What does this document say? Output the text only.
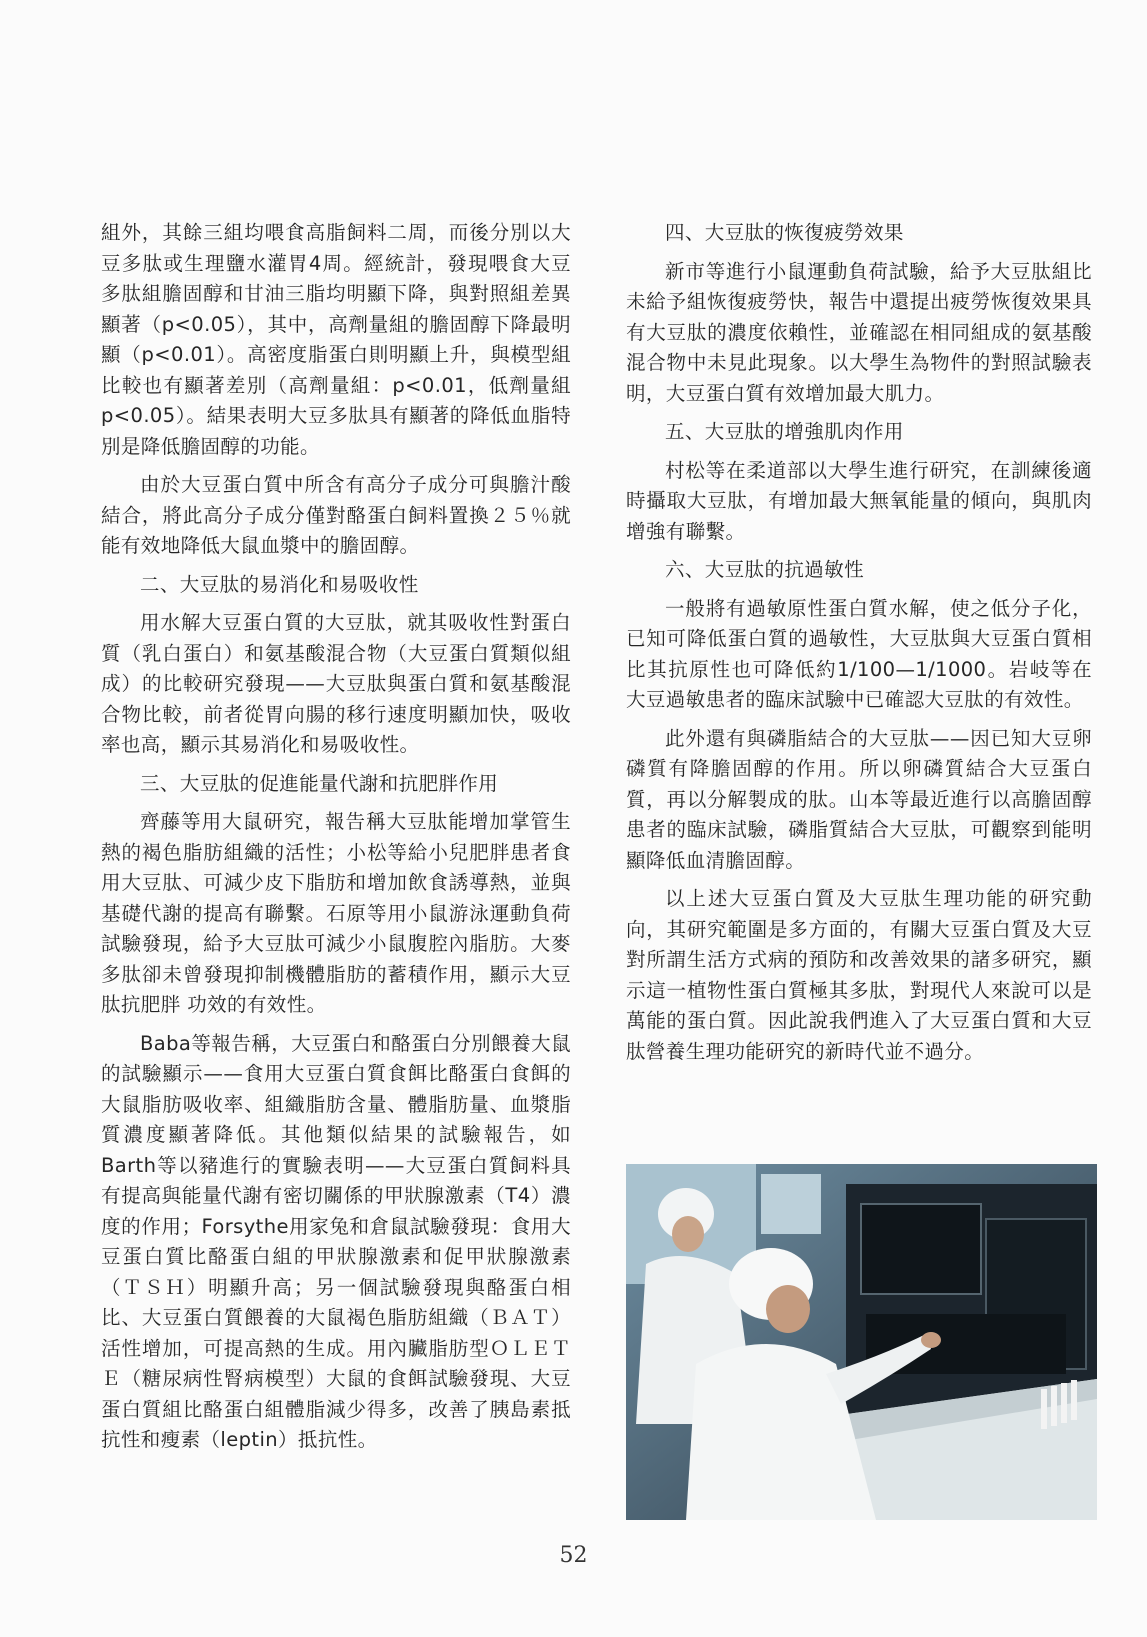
組外，其餘三組均喂食高脂飼料二周，而後分別以大豆多肽或生理鹽水灌胃4周。經統計，發現喂食大豆多肽組膽固醇和甘油三脂均明顯下降，與對照組差異顯著（p<0.05），其中，高劑量組的膽固醇下降最明顯（p<0.01）。高密度脂蛋白則明顯上升，與模型組比較也有顯著差別（高劑量組：p<0.01，低劑量組p<0.05）。結果表明大豆多肽具有顯著的降低血脂特別是降低膽固醇的功能。

由於大豆蛋白質中所含有高分子成分可與膽汁酸結合，將此高分子成分僅對酪蛋白飼料置換２５％就能有效地降低大鼠血漿中的膽固醇。

二、大豆肽的易消化和易吸收性

用水解大豆蛋白質的大豆肽，就其吸收性對蛋白質（乳白蛋白）和氨基酸混合物（大豆蛋白質類似組成）的比較研究發現——大豆肽與蛋白質和氨基酸混合物比較，前者從胃向腸的移行速度明顯加快，吸收率也高，顯示其易消化和易吸收性。

三、大豆肽的促進能量代謝和抗肥胖作用

齊藤等用大鼠研究，報告稱大豆肽能增加掌管生熱的褐色脂肪組織的活性；小松等給小兒肥胖患者食用大豆肽、可減少皮下脂肪和增加飲食誘導熱，並與基礎代謝的提高有聯繫。石原等用小鼠游泳運動負荷試驗發現，給予大豆肽可減少小鼠腹腔內脂肪。大麥多肽卻未曾發現抑制機體脂肪的蓄積作用，顯示大豆肽抗肥胖 功效的有效性。

Baba等報告稱，大豆蛋白和酪蛋白分別餵養大鼠的試驗顯示——食用大豆蛋白質食餌比酪蛋白食餌的大鼠脂肪吸收率、組織脂肪含量、體脂肪量、血漿脂質濃度顯著降低。其他類似結果的試驗報告，如Barth等以豬進行的實驗表明——大豆蛋白質飼料具有提高與能量代謝有密切關係的甲狀腺激素（T4）濃度的作用；Forsythe用家兔和倉鼠試驗發現：食用大豆蛋白質比酪蛋白組的甲狀腺激素和促甲狀腺激素（ＴＳＨ）明顯升高；另一個試驗發現與酪蛋白相比、大豆蛋白質餵養的大鼠褐色脂肪組織（ＢＡＴ）活性增加，可提高熱的生成。用內臟脂肪型ＯＬＥＴＥ（糖尿病性腎病模型）大鼠的食餌試驗發現、大豆蛋白質組比酪蛋白組體脂減少得多，改善了胰島素抵抗性和瘦素（leptin）抵抗性。

四、大豆肽的恢復疲勞效果

新市等進行小鼠運動負荷試驗，給予大豆肽組比未給予組恢復疲勞快，報告中還提出疲勞恢復效果具有大豆肽的濃度依賴性，並確認在相同組成的氨基酸混合物中未見此現象。以大學生為物件的對照試驗表明，大豆蛋白質有效增加最大肌力。

五、大豆肽的增強肌肉作用

村松等在柔道部以大學生進行研究，在訓練後適時攝取大豆肽，有增加最大無氧能量的傾向，與肌肉增強有聯繫。

六、大豆肽的抗過敏性

一般將有過敏原性蛋白質水解，使之低分子化，已知可降低蛋白質的過敏性，大豆肽與大豆蛋白質相比其抗原性也可降低約1/100—1/1000。岩岐等在大豆過敏患者的臨床試驗中已確認大豆肽的有效性。

此外還有與磷脂結合的大豆肽——因已知大豆卵磷質有降膽固醇的作用。所以卵磷質結合大豆蛋白質，再以分解製成的肽。山本等最近進行以高膽固醇患者的臨床試驗，磷脂質結合大豆肽，可觀察到能明顯降低血清膽固醇。

以上述大豆蛋白質及大豆肽生理功能的研究動向，其研究範圍是多方面的，有關大豆蛋白質及大豆對所謂生活方式病的預防和改善效果的諸多研究，顯示這一植物性蛋白質極其多肽，對現代人來說可以是萬能的蛋白質。因此說我們進入了大豆蛋白質和大豆肽營養生理功能研究的新時代並不過分。

52
